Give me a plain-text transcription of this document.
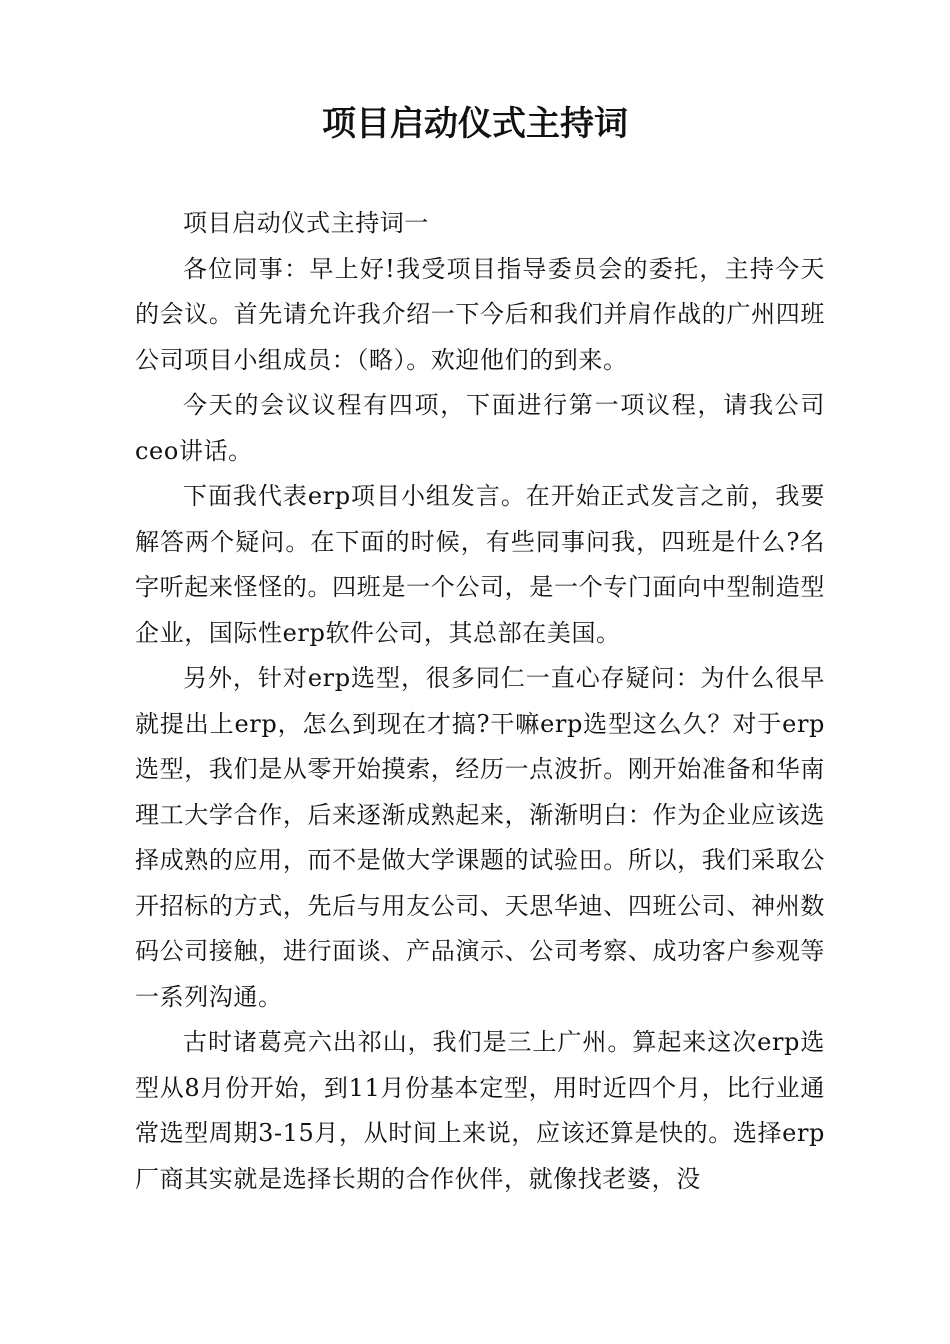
项目启动仪式主持词

项目启动仪式主持词一

各位同事：早上好!我受项目指导委员会的委托，主持今天的会议。首先请允许我介绍一下今后和我们并肩作战的广州四班公司项目小组成员：（略）。欢迎他们的到来。

今天的会议议程有四项，下面进行第一项议程，请我公司ceo讲话。

下面我代表erp项目小组发言。在开始正式发言之前，我要解答两个疑问。在下面的时候，有些同事问我，四班是什么?名字听起来怪怪的。四班是一个公司，是一个专门面向中型制造型企业，国际性erp软件公司，其总部在美国。

另外，针对erp选型，很多同仁一直心存疑问：为什么很早就提出上erp，怎么到现在才搞?干嘛erp选型这么久？对于erp选型，我们是从零开始摸索，经历一点波折。刚开始准备和华南理工大学合作，后来逐渐成熟起来，渐渐明白：作为企业应该选择成熟的应用，而不是做大学课题的试验田。所以，我们采取公开招标的方式，先后与用友公司、天思华迪、四班公司、神州数码公司接触，进行面谈、产品演示、公司考察、成功客户参观等一系列沟通。

古时诸葛亮六出祁山，我们是三上广州。算起来这次erp选型从8月份开始，到11月份基本定型，用时近四个月，比行业通常选型周期3-15月，从时间上来说，应该还算是快的。选择erp厂商其实就是选择长期的合作伙伴，就像找老婆，没
